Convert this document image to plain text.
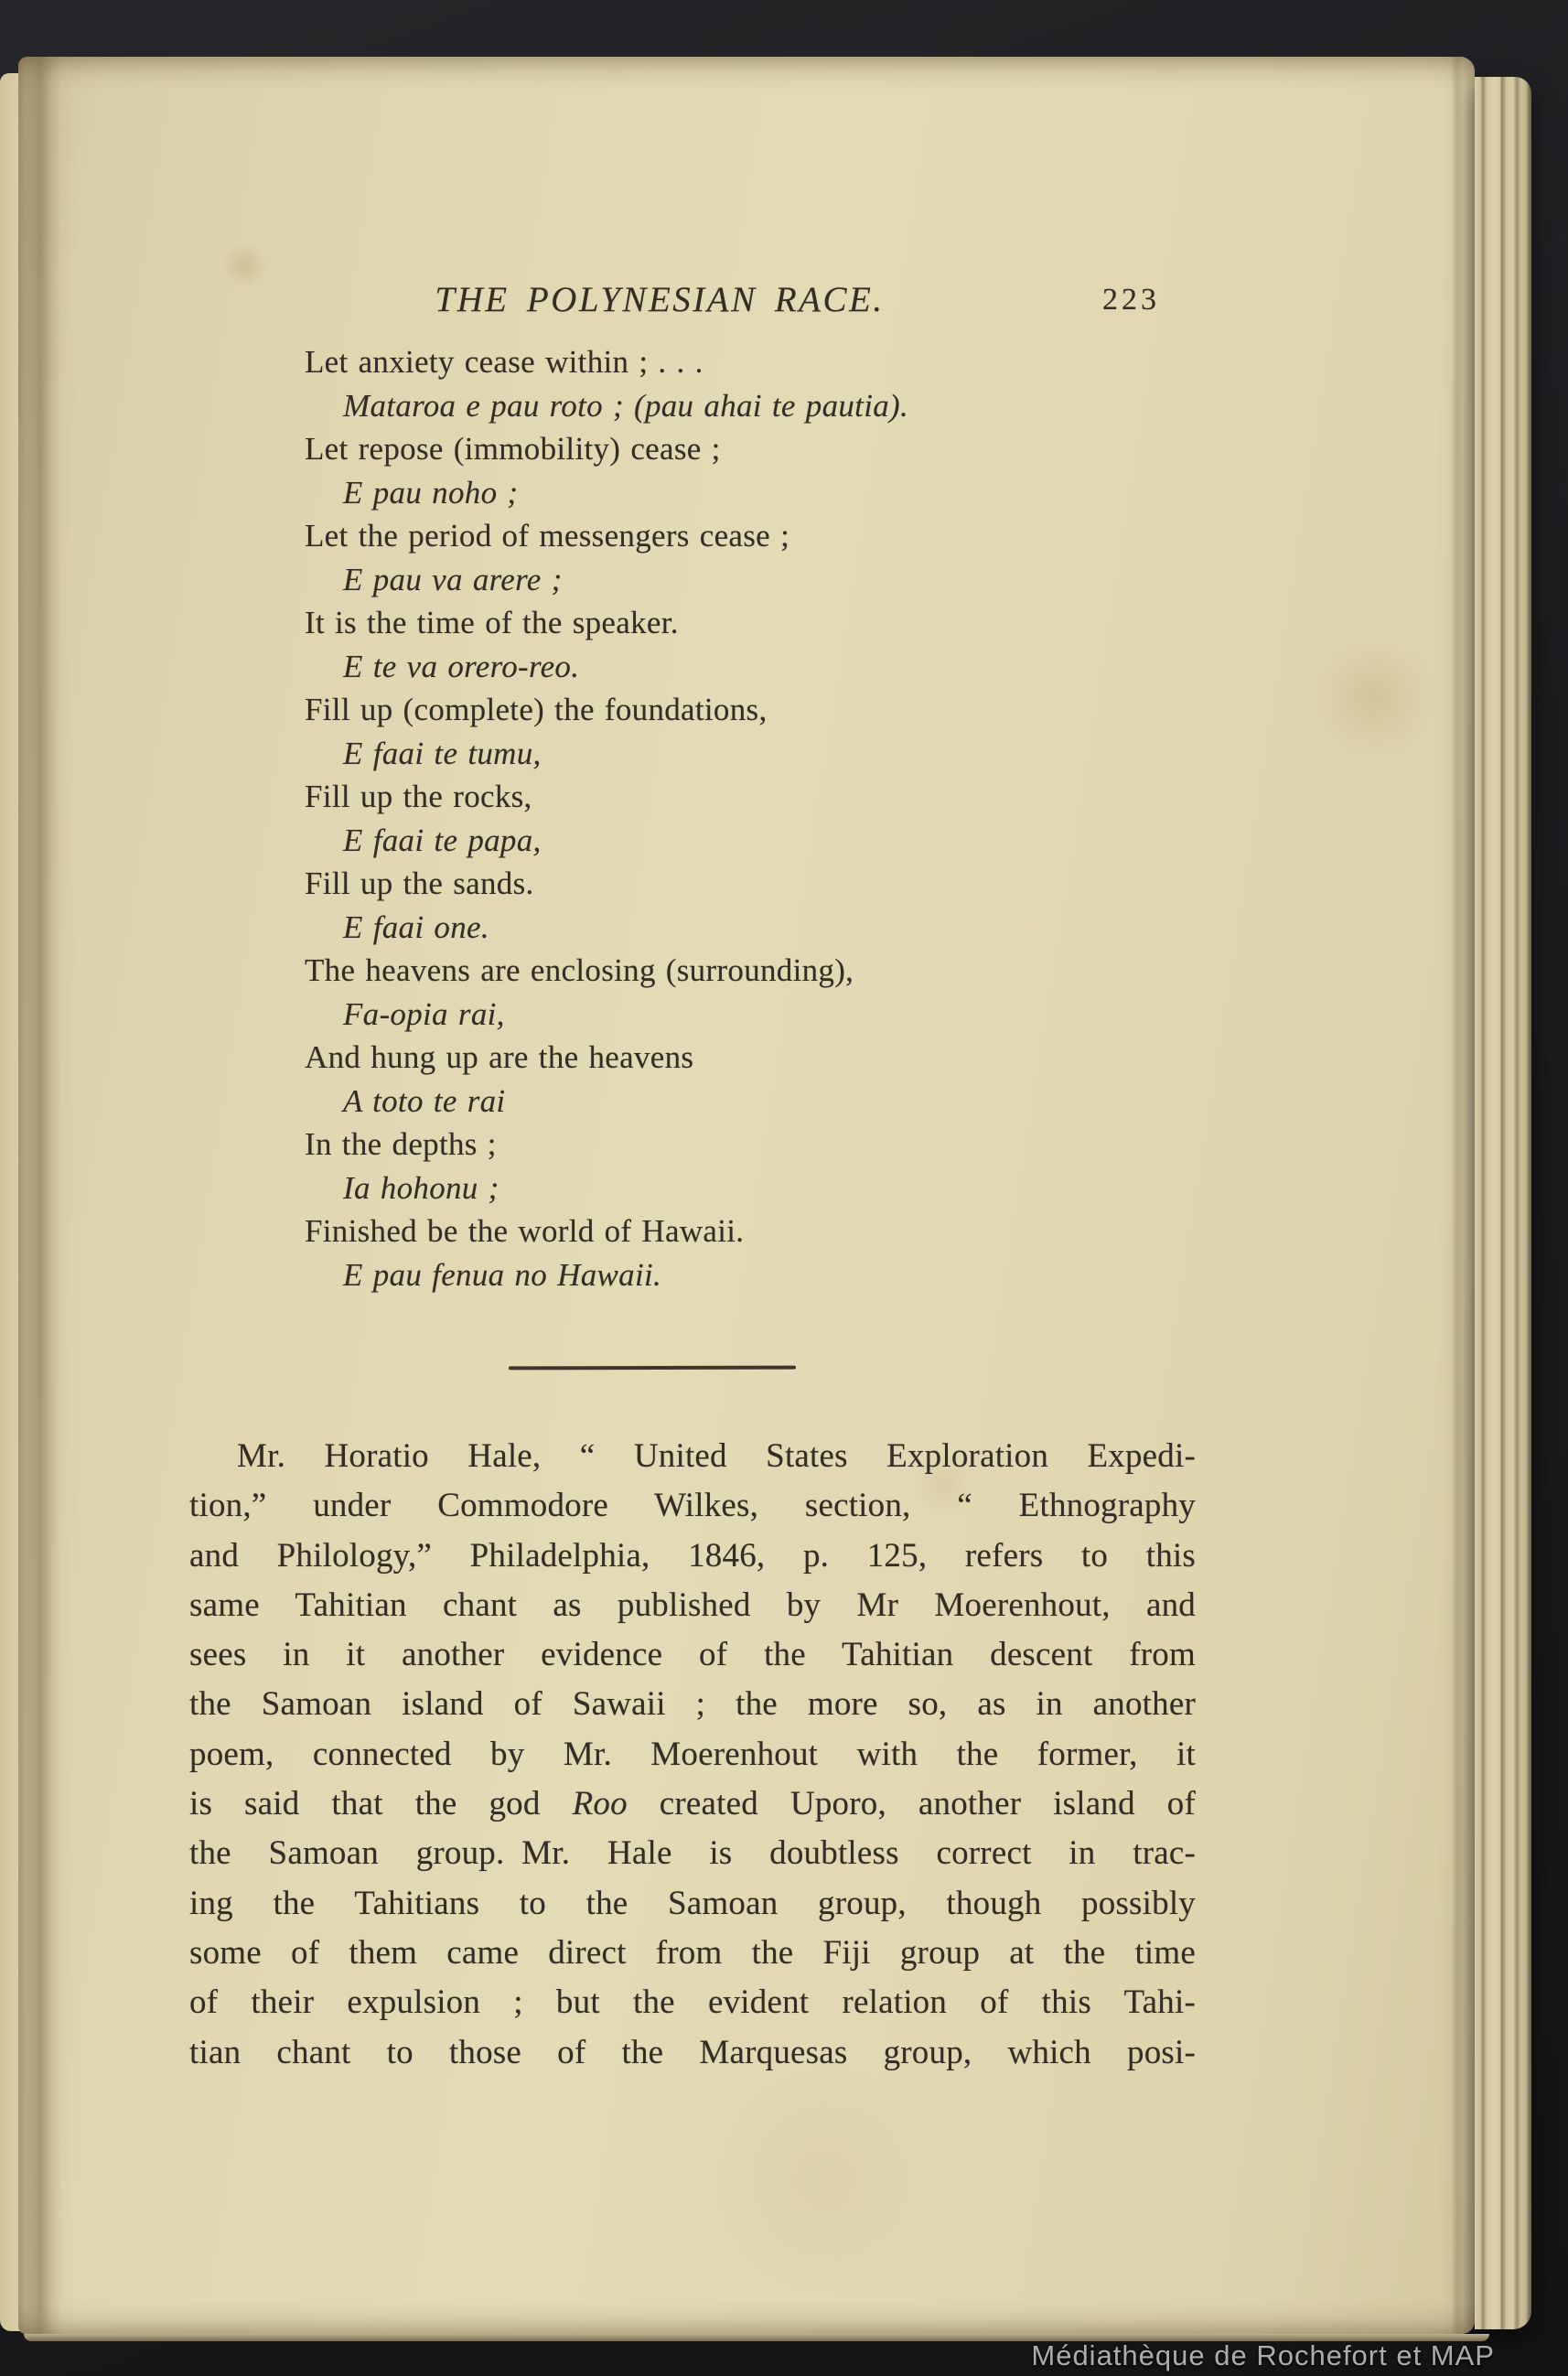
THE POLYNESIAN RACE.	223
Let anxiety cease within ; . . .
Mataroa e pau roto ; (pau ahai te pautia).
Let repose (immobility) cease ;
E pau noho ;
Let the period of messengers cease ;
E pau va arere ;
It is the time of the speaker.
E te va orero-reo.
Fill up (complete) the foundations,
E faai te tumu,
Fill up the rocks,
E faai te papa,
Fill up the sands.
E faai one.
The heavens are enclosing (surrounding),
Fa-opia rai,
And hung up are the heavens
A toto te rai
In the depths ;
Ia hohonu ;
Finished be the world of Hawaii.
E pau fenua no Hawaii.
Mr. Horatio Hale, “ United States Exploration Expedi-
tion,” under Commodore Wilkes, section, “ Ethnography
and Philology,” Philadelphia, 1846, p. 125, refers to this
same Tahitian chant as published by Mr Moerenhout, and
sees in it another evidence of the Tahitian descent from
the Samoan island of Sawaii ; the more so, as in another
poem, connected by Mr. Moerenhout with the former, it
is said that the god Roo created Uporo, another island of
the Samoan group. Mr. Hale is doubtless correct in trac-
ing the Tahitians to the Samoan group, though possibly
some of them came direct from the Fiji group at the time
of their expulsion ; but the evident relation of this Tahi-
tian chant to those of the Marquesas group, which posi-
Médiathèque de Rochefort et MAP
